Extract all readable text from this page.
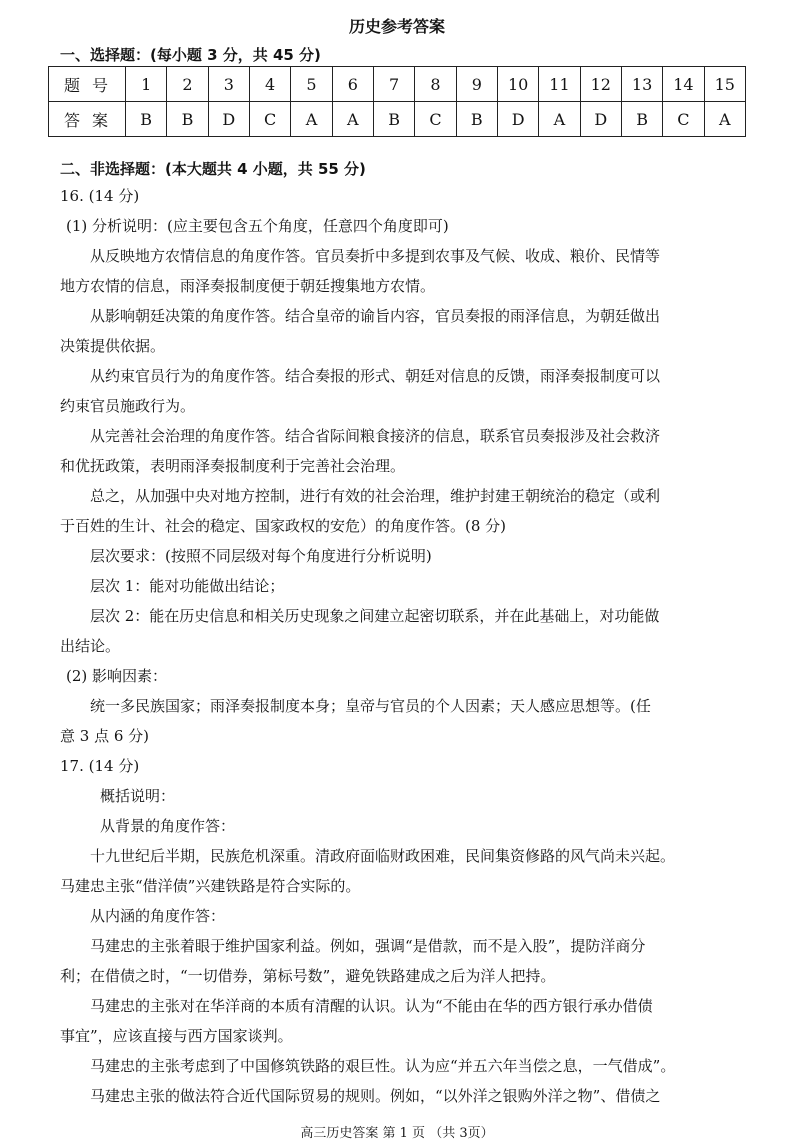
历史参考答案
一、选择题：(每小题 3 分，共 45 分)
题号	1	2	3	4	5	6	7	8	9	10	11	12	13	14	15
答案	B	B	D	C	A	A	B	C	B	D	A	D	B	C	A
二、非选择题：(本大题共 4 小题，共 55 分)
16. (14 分)
(1) 分析说明：(应主要包含五个角度，任意四个角度即可)
从反映地方农情信息的角度作答。官员奏折中多提到农事及气候、收成、粮价、民情等
地方农情的信息，雨泽奏报制度便于朝廷搜集地方农情。
从影响朝廷决策的角度作答。结合皇帝的谕旨内容，官员奏报的雨泽信息，为朝廷做出
决策提供依据。
从约束官员行为的角度作答。结合奏报的形式、朝廷对信息的反馈，雨泽奏报制度可以
约束官员施政行为。
从完善社会治理的角度作答。结合省际间粮食接济的信息，联系官员奏报涉及社会救济
和优抚政策，表明雨泽奏报制度利于完善社会治理。
总之，从加强中央对地方控制，进行有效的社会治理，维护封建王朝统治的稳定（或利
于百姓的生计、社会的稳定、国家政权的安危）的角度作答。(8 分)
层次要求：(按照不同层级对每个角度进行分析说明)
层次 1：能对功能做出结论；
层次 2：能在历史信息和相关历史现象之间建立起密切联系，并在此基础上，对功能做
出结论。
(2) 影响因素：
统一多民族国家；雨泽奏报制度本身；皇帝与官员的个人因素；天人感应思想等。(任
意 3 点 6 分)
17. (14 分)
概括说明：
从背景的角度作答：
十九世纪后半期，民族危机深重。清政府面临财政困难，民间集资修路的风气尚未兴起。
马建忠主张“借洋债”兴建铁路是符合实际的。
从内涵的角度作答：
马建忠的主张着眼于维护国家利益。例如，强调“是借款，而不是入股”，提防洋商分
利；在借债之时，“一切借券，第标号数”，避免铁路建成之后为洋人把持。
马建忠的主张对在华洋商的本质有清醒的认识。认为“不能由在华的西方银行承办借债
事宜”，应该直接与西方国家谈判。
马建忠的主张考虑到了中国修筑铁路的艰巨性。认为应“并五六年当偿之息，一气借成”。
马建忠主张的做法符合近代国际贸易的规则。例如，“以外洋之银购外洋之物”、借债之
高三历史答案 第 1 页 （共 3页）
